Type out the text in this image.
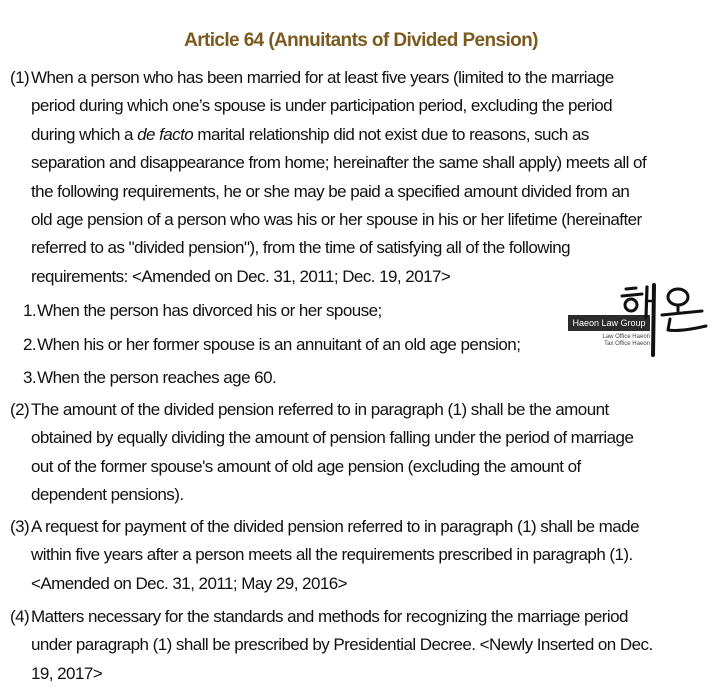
Article 64 (Annuitants of Divided Pension)
(1) When a person who has been married for at least five years (limited to the marriage
period during which one’s spouse is under participation period, excluding the period
during which a de facto marital relationship did not exist due to reasons, such as
separation and disappearance from home; hereinafter the same shall apply) meets all of
the following requirements, he or she may be paid a specified amount divided from an
old age pension of a person who was his or her spouse in his or her lifetime (hereinafter
referred to as "divided pension"), from the time of satisfying all of the following
requirements: <Amended on Dec. 31, 2011; Dec. 19, 2017>
1.When the person has divorced his or her spouse;
2.When his or her former spouse is an annuitant of an old age pension;
3.When the person reaches age 60.
(2) The amount of the divided pension referred to in paragraph (1) shall be the amount
obtained by equally dividing the amount of pension falling under the period of marriage
out of the former spouse's amount of old age pension (excluding the amount of
dependent pensions).
(3) A request for payment of the divided pension referred to in paragraph (1) shall be made
within five years after a person meets all the requirements prescribed in paragraph (1).
<Amended on Dec. 31, 2011; May 29, 2016>
(4) Matters necessary for the standards and methods for recognizing the marriage period
under paragraph (1) shall be prescribed by Presidential Decree. <Newly Inserted on Dec.
19, 2017>
Haeon Law Group
Law Office Haeon
Tax Office Haeon
